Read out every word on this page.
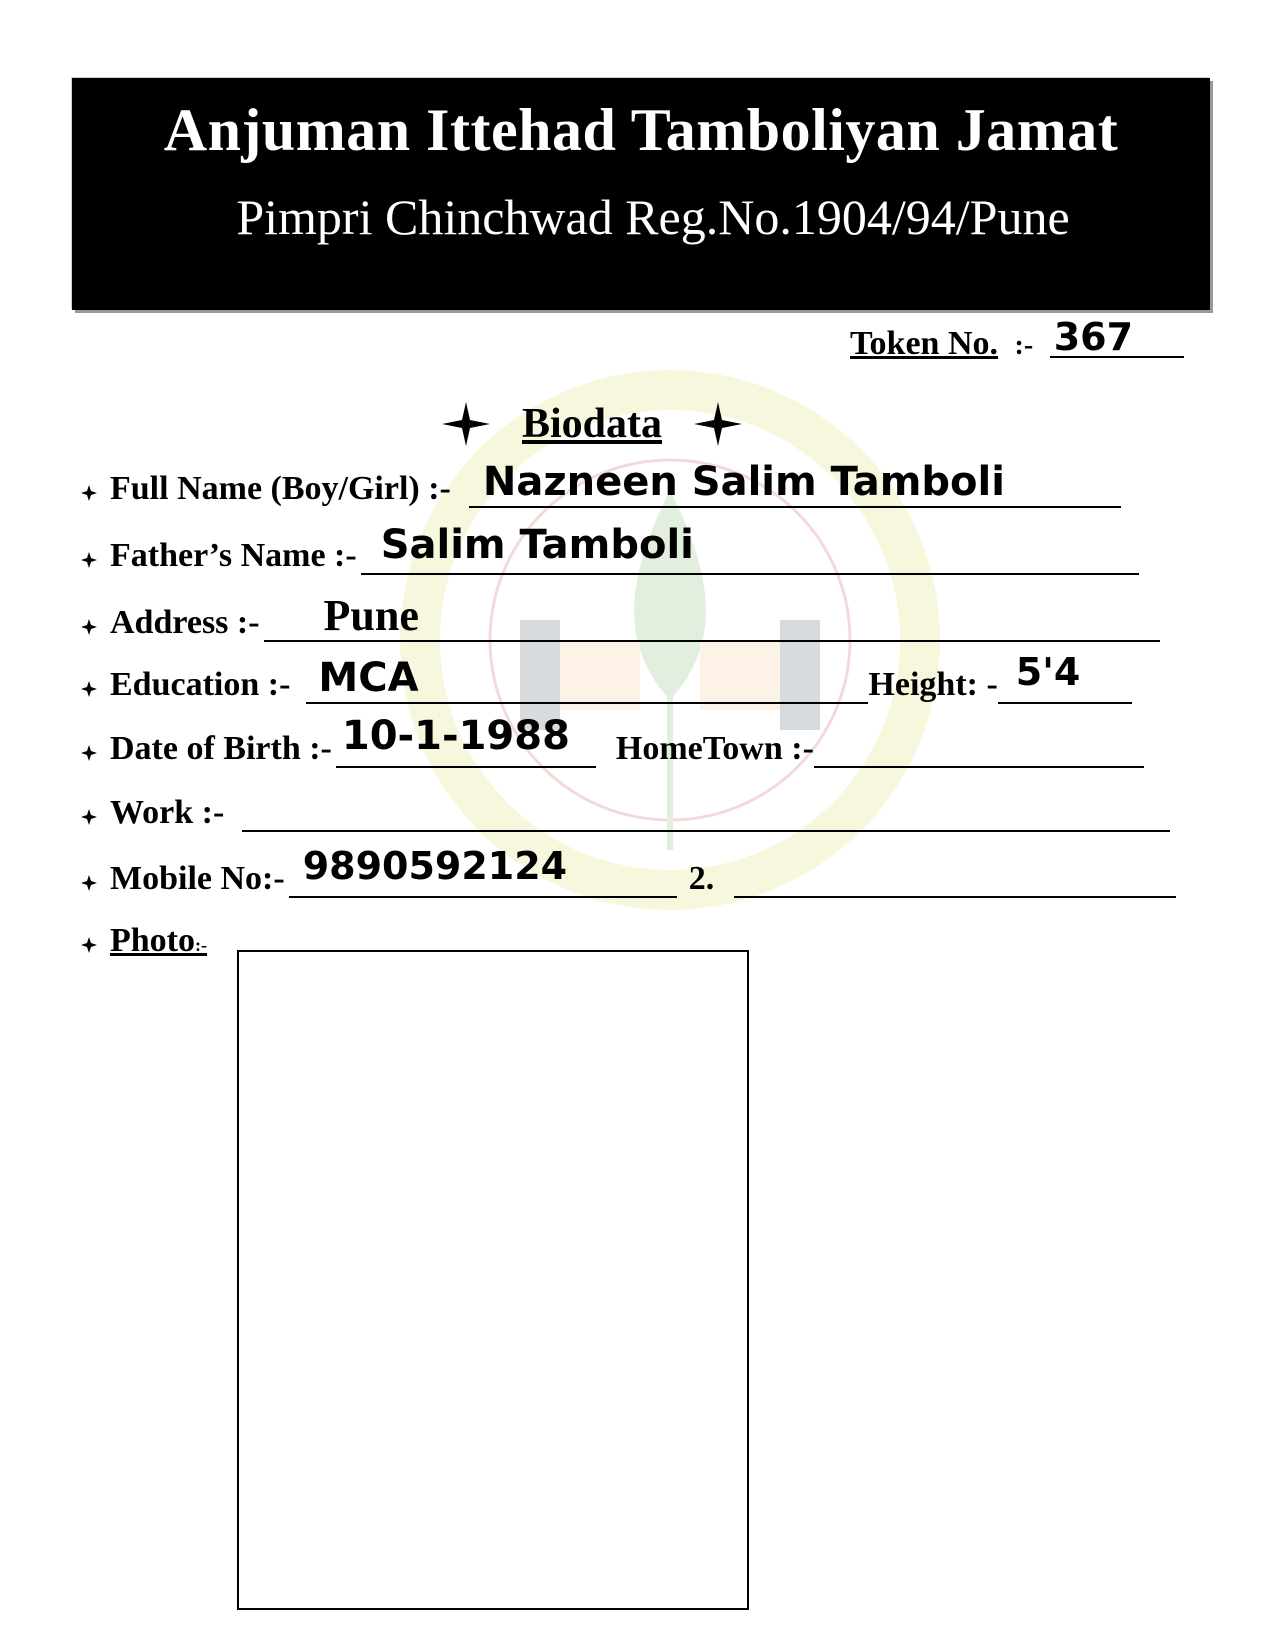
Anjuman Ittehad Tamboliyan Jamat
Pimpri Chinchwad Reg.No.1904/94/Pune
Token No. :- 367
Biodata
Full Name (Boy/Girl) :- Nazneen Salim Tamboli
Father’s Name :- Salim Tamboli
Address :- Pune
Education :- MCA	Height: - 5'4
Date of Birth :- 10-1-1988 HomeTown :-
Work :-
Mobile No:- 9890592124	2.
Photo:-
